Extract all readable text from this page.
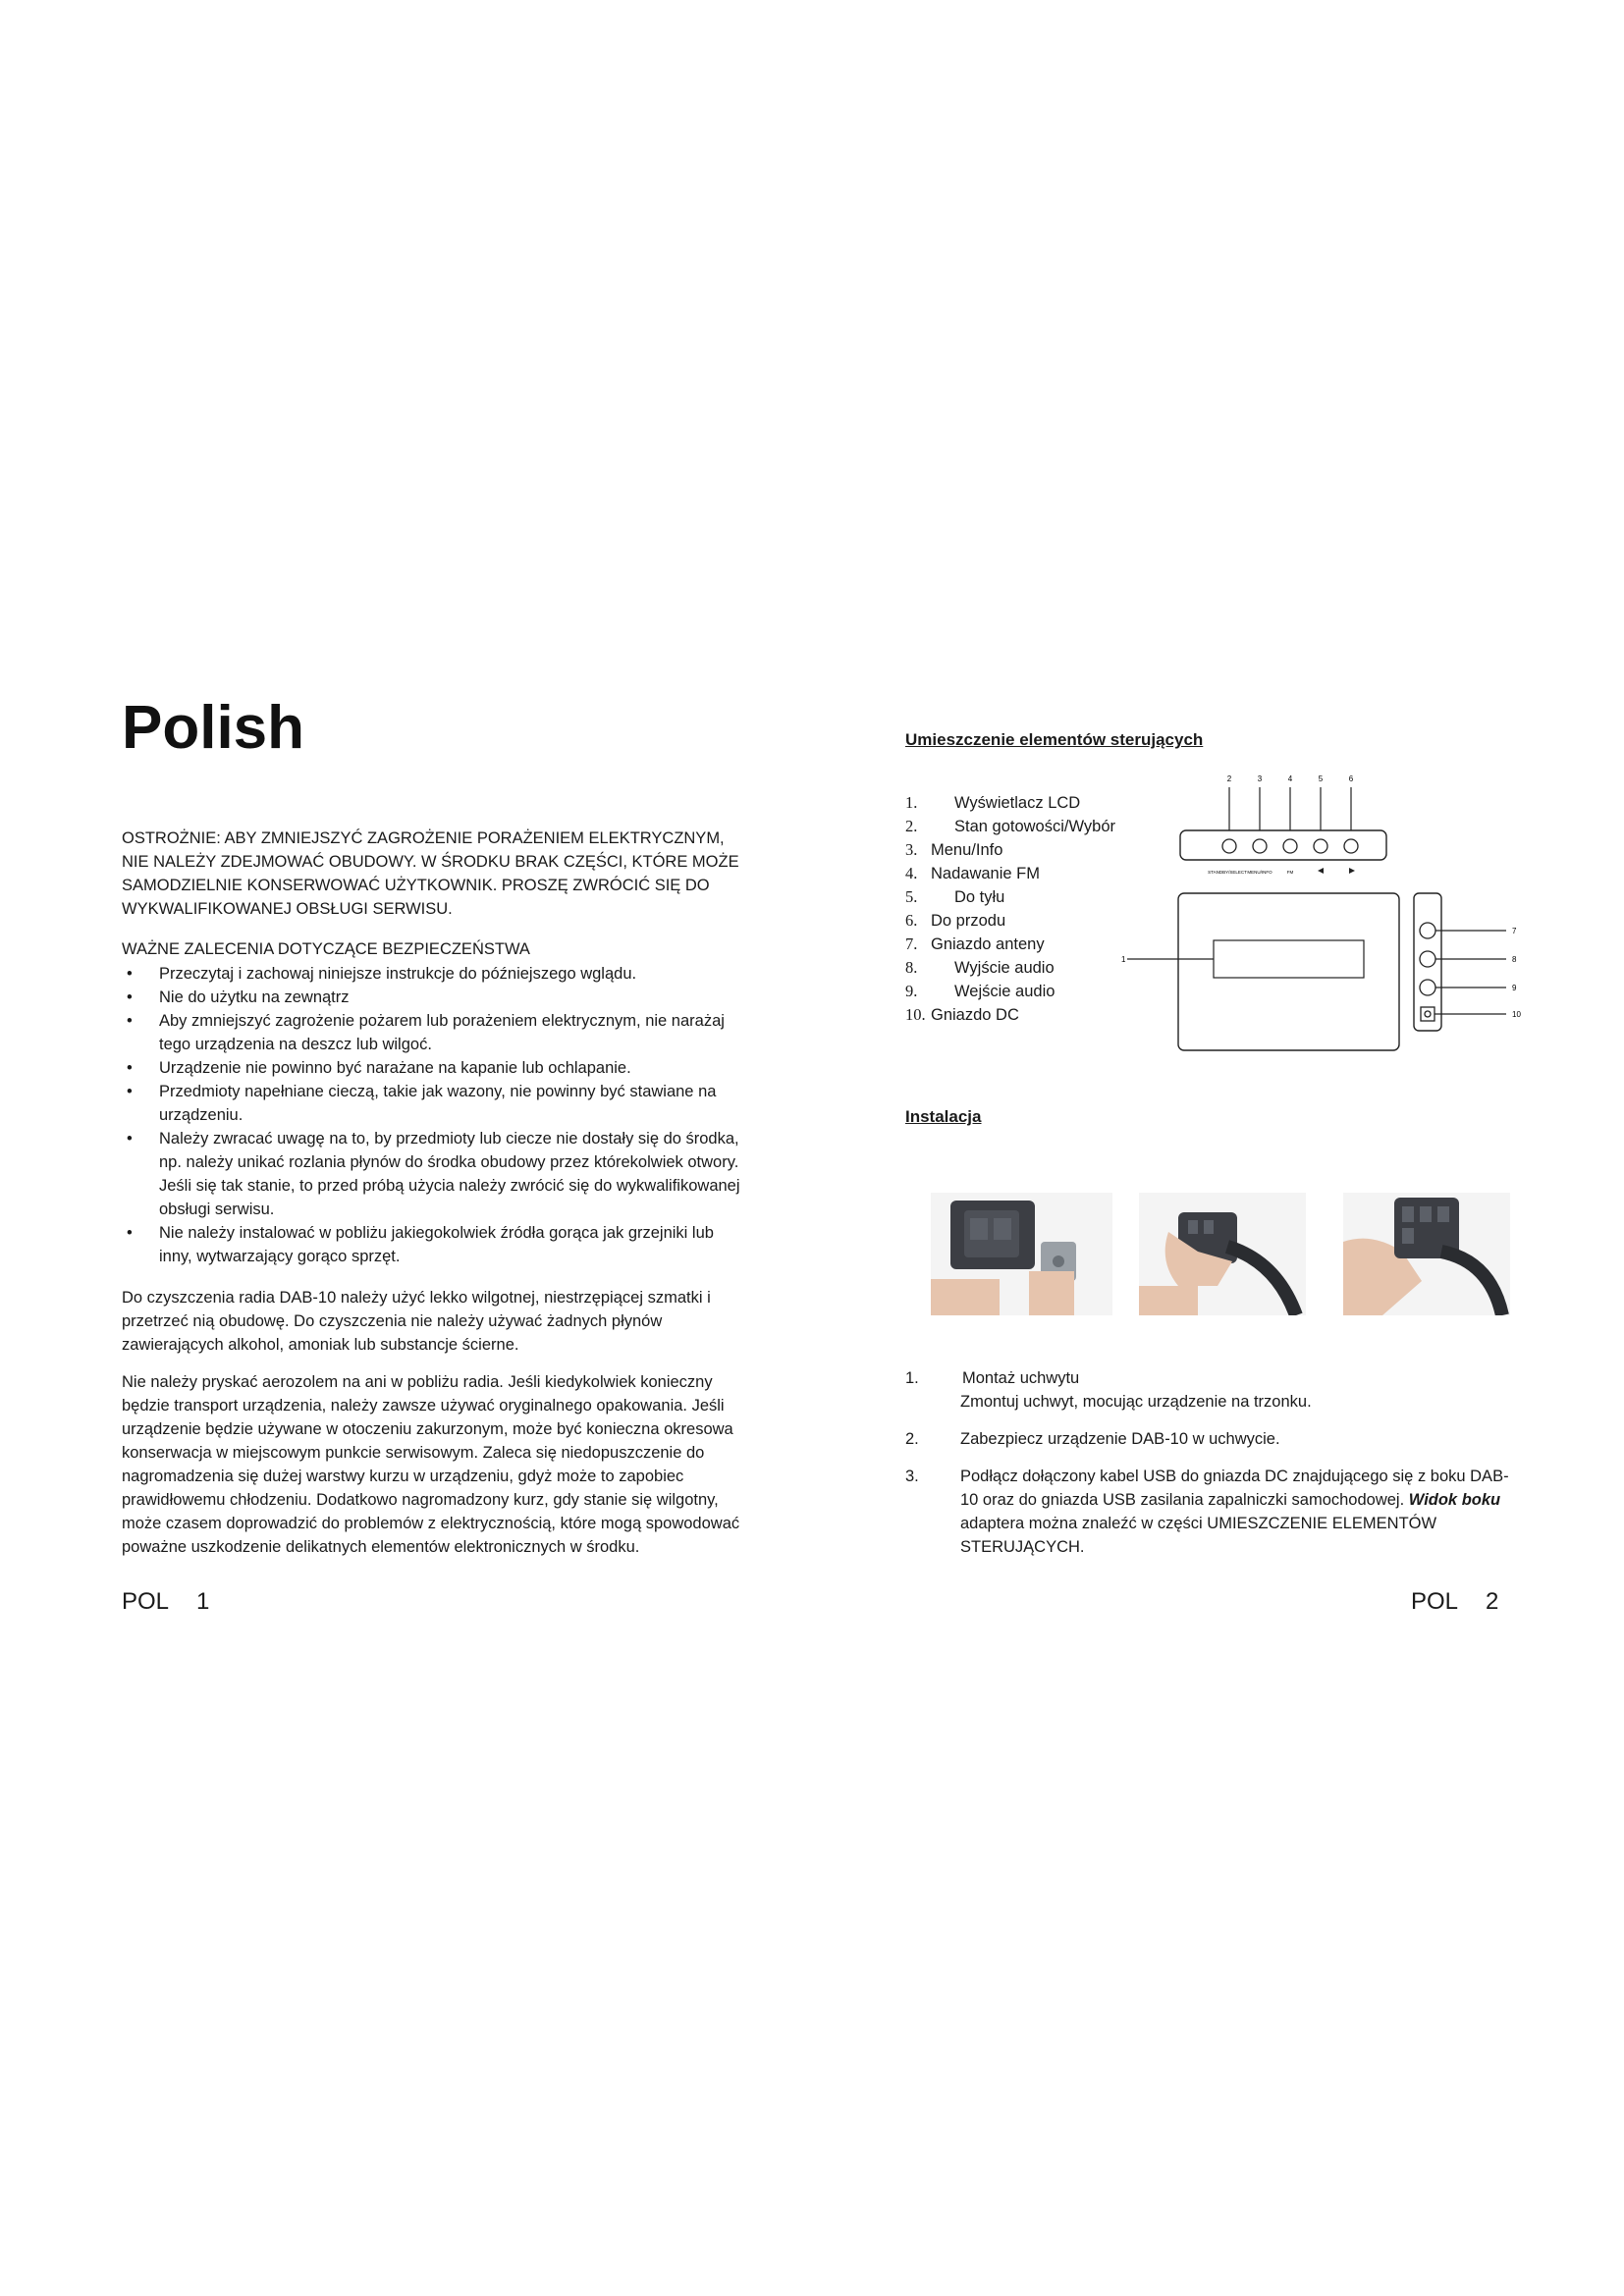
Polish
OSTROŻNIE: ABY ZMNIEJSZYĆ ZAGROŻENIE PORAŻENIEM ELEKTRYCZNYM, NIE NALEŻY ZDEJMOWAĆ OBUDOWY. W ŚRODKU BRAK CZĘŚCI, KTÓRE MOŻE SAMODZIELNIE KONSERWOWAĆ UŻYTKOWNIK. PROSZĘ ZWRÓCIĆ SIĘ DO WYKWALIFIKOWANEJ OBSŁUGI SERWISU.
WAŻNE ZALECENIA DOTYCZĄCE BEZPIECZEŃSTWA
• Przeczytaj i zachowaj niniejsze instrukcje do późniejszego wglądu.
• Nie do użytku na zewnątrz
• Aby zmniejszyć zagrożenie pożarem lub porażeniem elektrycznym, nie narażaj tego urządzenia na deszcz lub wilgoć.
• Urządzenie nie powinno być narażane na kapanie lub ochlapanie.
• Przedmioty napełniane cieczą, takie jak wazony, nie powinny być stawiane na urządzeniu.
• Należy zwracać uwagę na to, by przedmioty lub ciecze nie dostały się do środka, np. należy unikać rozlania płynów do środka obudowy przez którekolwiek otwory. Jeśli się tak stanie, to przed próbą użycia należy zwrócić się do wykwalifikowanej obsługi serwisu.
• Nie należy instalować w pobliżu jakiegokolwiek źródła gorąca jak grzejniki lub inny, wytwarzający gorąco sprzęt.

Do czyszczenia radia DAB-10 należy użyć lekko wilgotnej, niestrzępiącej szmatki i przetrzeć nią obudowę. Do czyszczenia nie należy używać żadnych płynów zawierających alkohol, amoniak lub substancje ścierne.

Nie należy pryskać aerozolem na ani w pobliżu radia. Jeśli kiedykolwiek konieczny będzie transport urządzenia, należy zawsze używać oryginalnego opakowania. Jeśli urządzenie będzie używane w otoczeniu zakurzonym, może być konieczna okresowa konserwacja w miejscowym punkcie serwisowym. Zaleca się niedopuszczenie do nagromadzenia się dużej warstwy kurzu w urządzeniu, gdyż może to zapobiec prawidłowemu chłodzeniu. Dodatkowo nagromadzony kurz, gdy stanie się wilgotny, może czasem doprowadzić do problemów z elektrycznością, które mogą spowodować poważne uszkodzenie delikatnych elementów elektronicznych w środku.

POL 1
Umieszczenie elementów sterujących
1.	Wyświetlacz LCD
2.	Stan gotowości/Wybór
3. Menu/Info
4. Nadawanie FM
5.	Do tyłu
6. Do przodu
7. Gniazdo anteny
8.	Wyjście audio
9.	Wejście audio
10. Gniazdo DC
2	3	4	5	6
STANDBY/SELECT MENU/INFO	FM
1
7
8
9
10
Instalacja
1.	Montaż uchwytu
Zmontuj uchwyt, mocując urządzenie na trzonku.
2.	Zabezpiecz urządzenie DAB-10 w uchwycie.
3.	Podłącz dołączony kabel USB do gniazda DC znajdującego się z boku DAB-10 oraz do gniazda USB zasilania zapalniczki samochodowej. Widok boku adaptera można znaleźć w części UMIESZCZENIE ELEMENTÓW STERUJĄCYCH.
POL 2
